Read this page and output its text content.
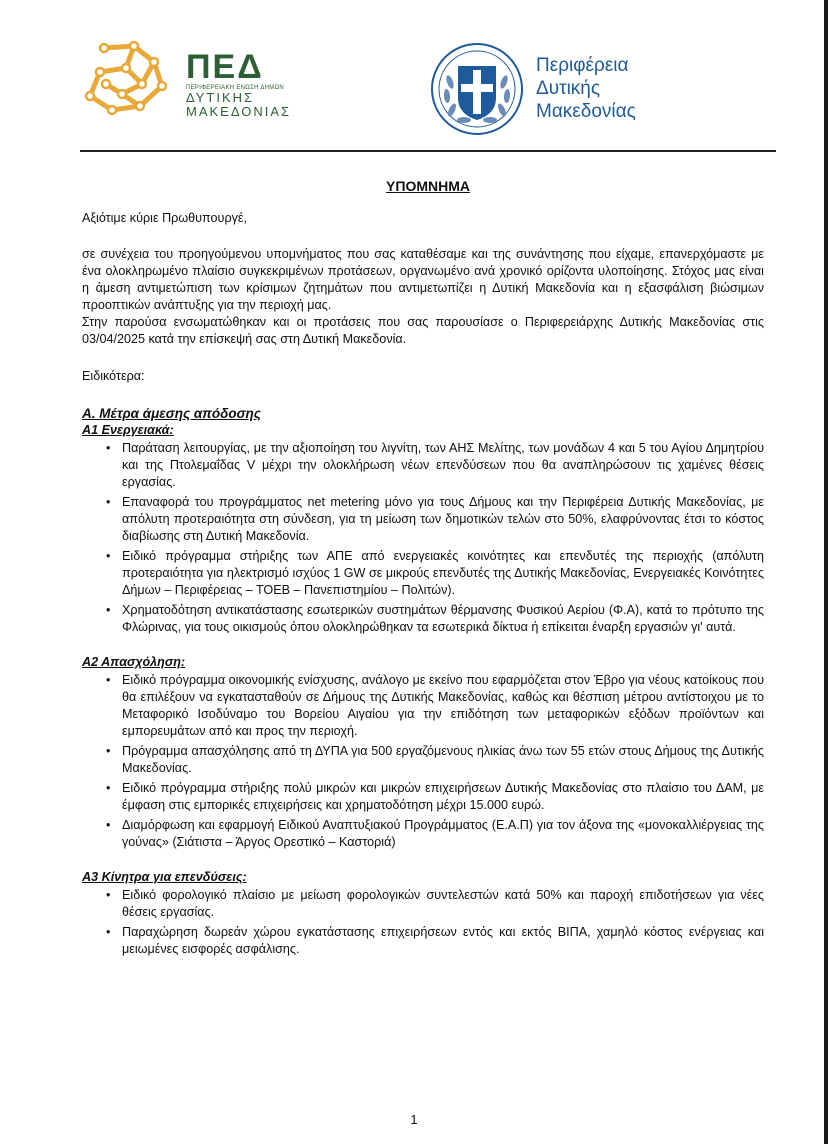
ΠΕΔ
ΠΕΡΙΦΕΡΕΙΑΚΗ ΕΝΩΣΗ ΔΗΜΩΝ
ΔΥΤΙΚΗΣ
ΜΑΚΕΔΟΝΙΑΣ
Περιφέρεια
Δυτικής
Μακεδονίας
ΥΠΟΜΝΗΜΑ
Αξιότιμε κύριε Πρωθυπουργέ,

σε συνέχεια του προηγούμενου υπομνήματος που σας καταθέσαμε και της συνάντησης που είχαμε, επανερχόμαστε με ένα ολοκληρωμένο πλαίσιο συγκεκριμένων προτάσεων, οργανωμένο ανά χρονικό ορίζοντα υλοποίησης. Στόχος μας είναι η άμεση αντιμετώπιση των κρίσιμων ζητημάτων που αντιμετωπίζει η Δυτική Μακεδονία και η εξασφάλιση βιώσιμων προοπτικών ανάπτυξης για την περιοχή μας.

Στην παρούσα ενσωματώθηκαν και οι προτάσεις που σας παρουσίασε ο Περιφερειάρχης Δυτικής Μακεδονίας στις 03/04/2025 κατά την επίσκεψή σας στη Δυτική Μακεδονία.

Ειδικότερα:
Α. Μέτρα άμεσης απόδοσης
Α1 Ενεργειακά:
• Παράταση λειτουργίας, με την αξιοποίηση του λιγνίτη, των ΑΗΣ Μελίτης, των μονάδων 4 και 5 του Αγίου Δημητρίου και της Πτολεμαΐδας V μέχρι την ολοκλήρωση νέων επενδύσεων που θα αναπληρώσουν τις χαμένες θέσεις εργασίας.
• Επαναφορά του προγράμματος net metering μόνο για τους Δήμους και την Περιφέρεια Δυτικής Μακεδονίας, με απόλυτη προτεραιότητα στη σύνδεση, για τη μείωση των δημοτικών τελών στο 50%, ελαφρύνοντας έτσι το κόστος διαβίωσης στη Δυτική Μακεδονία.
• Ειδικό πρόγραμμα στήριξης των ΑΠΕ από ενεργειακές κοινότητες και επενδυτές της περιοχής (απόλυτη προτεραιότητα για ηλεκτρισμό ισχύος 1 GW σε μικρούς επενδυτές της Δυτικής Μακεδονίας, Ενεργειακές Κοινότητες Δήμων – Περιφέρειας – ΤΟΕΒ – Πανεπιστημίου – Πολιτών).
• Χρηματοδότηση αντικατάστασης εσωτερικών συστημάτων θέρμανσης Φυσικού Αερίου (Φ.Α), κατά το πρότυπο της Φλώρινας, για τους οικισμούς όπου ολοκληρώθηκαν τα εσωτερικά δίκτυα ή επίκειται έναρξη εργασιών γι' αυτά.
Α2 Απασχόληση:
• Ειδικό πρόγραμμα οικονομικής ενίσχυσης, ανάλογο με εκείνο που εφαρμόζεται στον Έβρο για νέους κατοίκους που θα επιλέξουν να εγκατασταθούν σε Δήμους της Δυτικής Μακεδονίας, καθώς και θέσπιση μέτρου αντίστοιχου με το Μεταφορικό Ισοδύναμο του Βορείου Αιγαίου για την επιδότηση των μεταφορικών εξόδων προϊόντων και εμπορευμάτων από και προς την περιοχή.
• Πρόγραμμα απασχόλησης από τη ΔΥΠΑ για 500 εργαζόμενους ηλικίας άνω των 55 ετών στους Δήμους της Δυτικής Μακεδονίας.
• Ειδικό πρόγραμμα στήριξης πολύ μικρών και μικρών επιχειρήσεων Δυτικής Μακεδονίας στο πλαίσιο του ΔΑΜ, με έμφαση στις εμπορικές επιχειρήσεις και χρηματοδότηση μέχρι 15.000 ευρώ.
• Διαμόρφωση και εφαρμογή Ειδικού Αναπτυξιακού Προγράμματος (Ε.Α.Π) για τον άξονα της «μονοκαλλιέργειας της γούνας» (Σιάτιστα – Άργος Ορεστικό – Καστοριά)
Α3 Κίνητρα για επενδύσεις:
• Ειδικό φορολογικό πλαίσιο με μείωση φορολογικών συντελεστών κατά 50% και παροχή επιδοτήσεων για νέες θέσεις εργασίας.
• Παραχώρηση δωρεάν χώρου εγκατάστασης επιχειρήσεων εντός και εκτός ΒΙΠΑ, χαμηλό κόστος ενέργειας και μειωμένες εισφορές ασφάλισης.
1
